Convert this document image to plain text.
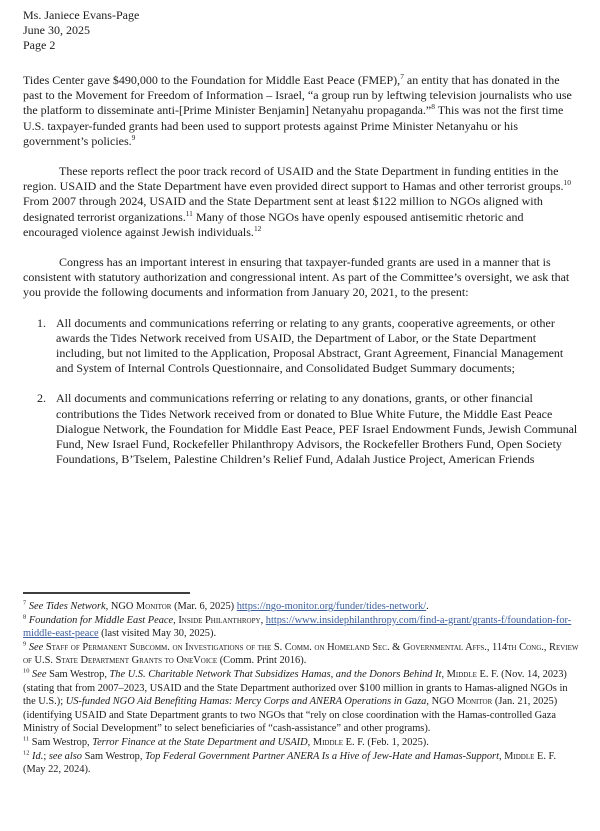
Ms. Janiece Evans-Page
June 30, 2025
Page 2

Tides Center gave $490,000 to the Foundation for Middle East Peace (FMEP),$^7$ an entity that has donated in the past to the Movement for Freedom of Information – Israel, “a group run by leftwing television journalists who use the platform to disseminate anti-[Prime Minister Benjamin] Netanyahu propaganda.”$^8$ This was not the first time U.S. taxpayer-funded grants had been used to support protests against Prime Minister Netanyahu or his government’s policies.$^9$

These reports reflect the poor track record of USAID and the State Department in funding entities in the region. USAID and the State Department have even provided direct support to Hamas and other terrorist groups.$^{10}$ From 2007 through 2024, USAID and the State Department sent at least $122 million to NGOs aligned with designated terrorist organizations.$^{11}$ Many of those NGOs have openly espoused antisemitic rhetoric and encouraged violence against Jewish individuals.$^{12}$

Congress has an important interest in ensuring that taxpayer-funded grants are used in a manner that is consistent with statutory authorization and congressional intent. As part of the Committee’s oversight, we ask that you provide the following documents and information from January 20, 2021, to the present:

1. All documents and communications referring or relating to any grants, cooperative agreements, or other awards the Tides Network received from USAID, the Department of Labor, or the State Department including, but not limited to the Application, Proposal Abstract, Grant Agreement, Financial Management and System of Internal Controls Questionnaire, and Consolidated Budget Summary documents;
2. All documents and communications referring or relating to any donations, grants, or other financial contributions the Tides Network received from or donated to Blue White Future, the Middle East Peace Dialogue Network, the Foundation for Middle East Peace, PEF Israel Endowment Funds, Jewish Communal Fund, New Israel Fund, Rockefeller Philanthropy Advisors, the Rockefeller Brothers Fund, Open Society Foundations, B’Tselem, Palestine Children’s Relief Fund, Adalah Justice Project, American Friends
$^7$ See Tides Network, NGO Monitor (Mar. 6, 2025) https://ngo-monitor.org/funder/tides-network/.
$^8$ Foundation for Middle East Peace, Inside Philanthropy, https://www.insidephilanthropy.com/find-a-grant/grants-f/foundation-for-middle-east-peace (last visited May 30, 2025).
$^9$ See Staff of Permanent Subcomm. on Investigations of the S. Comm. on Homeland Sec. & Governmental Affs., 114th Cong., Review of U.S. State Department Grants to OneVoice (Comm. Print 2016).
$^{10}$ See Sam Westrop, The U.S. Charitable Network That Subsidizes Hamas, and the Donors Behind It, Middle E. F. (Nov. 14, 2023) (stating that from 2007–2023, USAID and the State Department authorized over $100 million in grants to Hamas-aligned NGOs in the U.S.); US-funded NGO Aid Benefiting Hamas: Mercy Corps and ANERA Operations in Gaza, NGO Monitor (Jan. 21, 2025) (identifying USAID and State Department grants to two NGOs that “rely on close coordination with the Hamas-controlled Gaza Ministry of Social Development” to select beneficiaries of “cash-assistance” and other programs).
$^{11}$ Sam Westrop, Terror Finance at the State Department and USAID, Middle E. F. (Feb. 1, 2025).
$^{12}$ Id.; see also Sam Westrop, Top Federal Government Partner ANERA Is a Hive of Jew-Hate and Hamas-Support, Middle E. F. (May 22, 2024).
